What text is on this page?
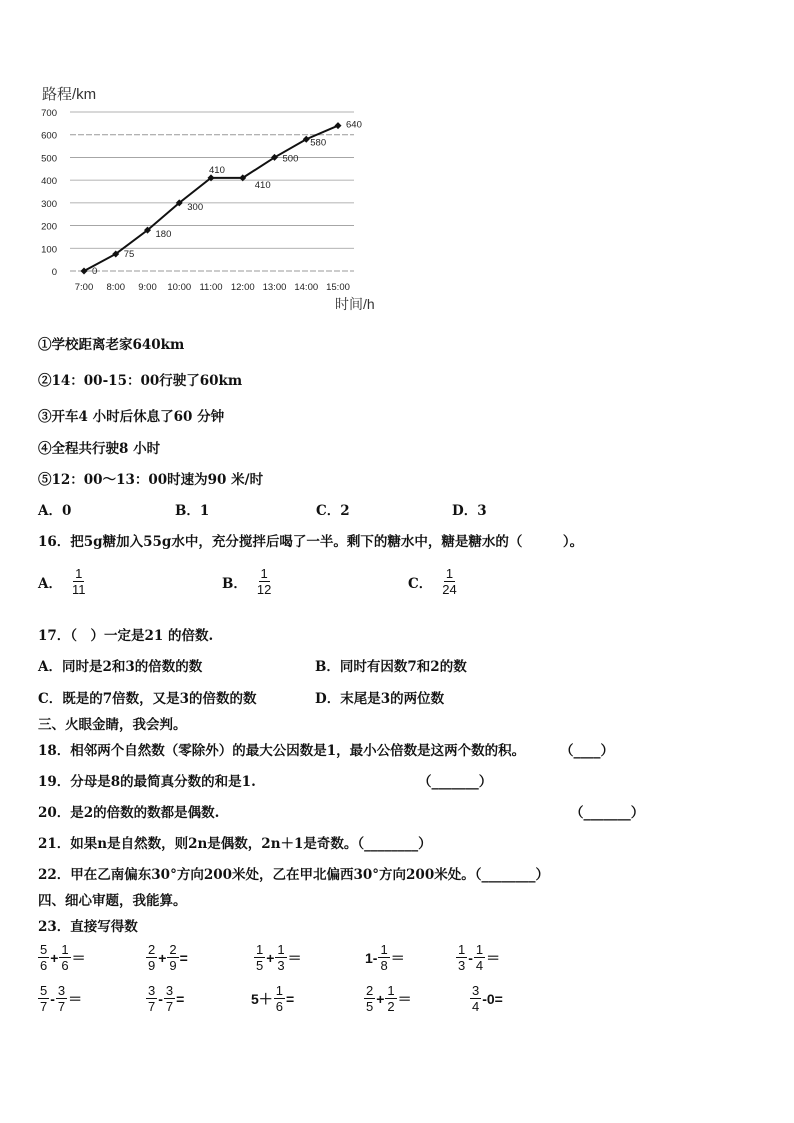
路程/km
时间/h
0
100
200
300
400
500
600
700
7:00 8:00 9:00 10:00 11:00 12:00 13:00 14:00 15:00
0
75
180
300
410
410
500
580
640
①学校距离老家640km
②14：00-15：00行驶了60km
③开车4 小时后休息了60 分钟
④全程共行驶8 小时
⑤12：00～13：00时速为90 米/时
A．0	B．1	C．2	D．3
16．把5g糖加入55g水中，充分搅拌后喝了一半。剩下的糖水中，糖是糖水的（　　　）。
A． $\frac{1}{11}$	B． $\frac{1}{12}$	C． $\frac{1}{24}$
17．（　）一定是21 的倍数.
A．同时是2和3的倍数的数	B．同时有因数7和2的数
C．既是的7倍数，又是3的倍数的数	D．末尾是3的两位数
三、火眼金睛，我会判。
18．相邻两个自然数（零除外）的最大公因数是1，最小公倍数是这两个数的积。	（____）
19．分母是8的最简真分数的和是1.	（_______）
20．是2的倍数的数都是偶数.	（_______）
21．如果n是自然数，则2n是偶数，2n＋1是奇数。（________）
22．甲在乙南偏东30°方向200米处，乙在甲北偏西30°方向200米处。（________）
四、细心审题，我能算。
23．直接写得数
$\frac{5}{6} + \frac{1}{6}$ ＝	$\frac{2}{9} + \frac{2}{9}$ =	$\frac{1}{5} + \frac{1}{3}$ ＝	$1- \frac{1}{8}$ ＝	$\frac{1}{3} - \frac{1}{4}$ ＝
$\frac{5}{7} - \frac{3}{7}$ ＝	$\frac{3}{7} - \frac{3}{7}$ =	$5+ \frac{1}{6}$ =	$\frac{2}{5} + \frac{1}{2}$ ＝	$\frac{3}{4} -0=$
